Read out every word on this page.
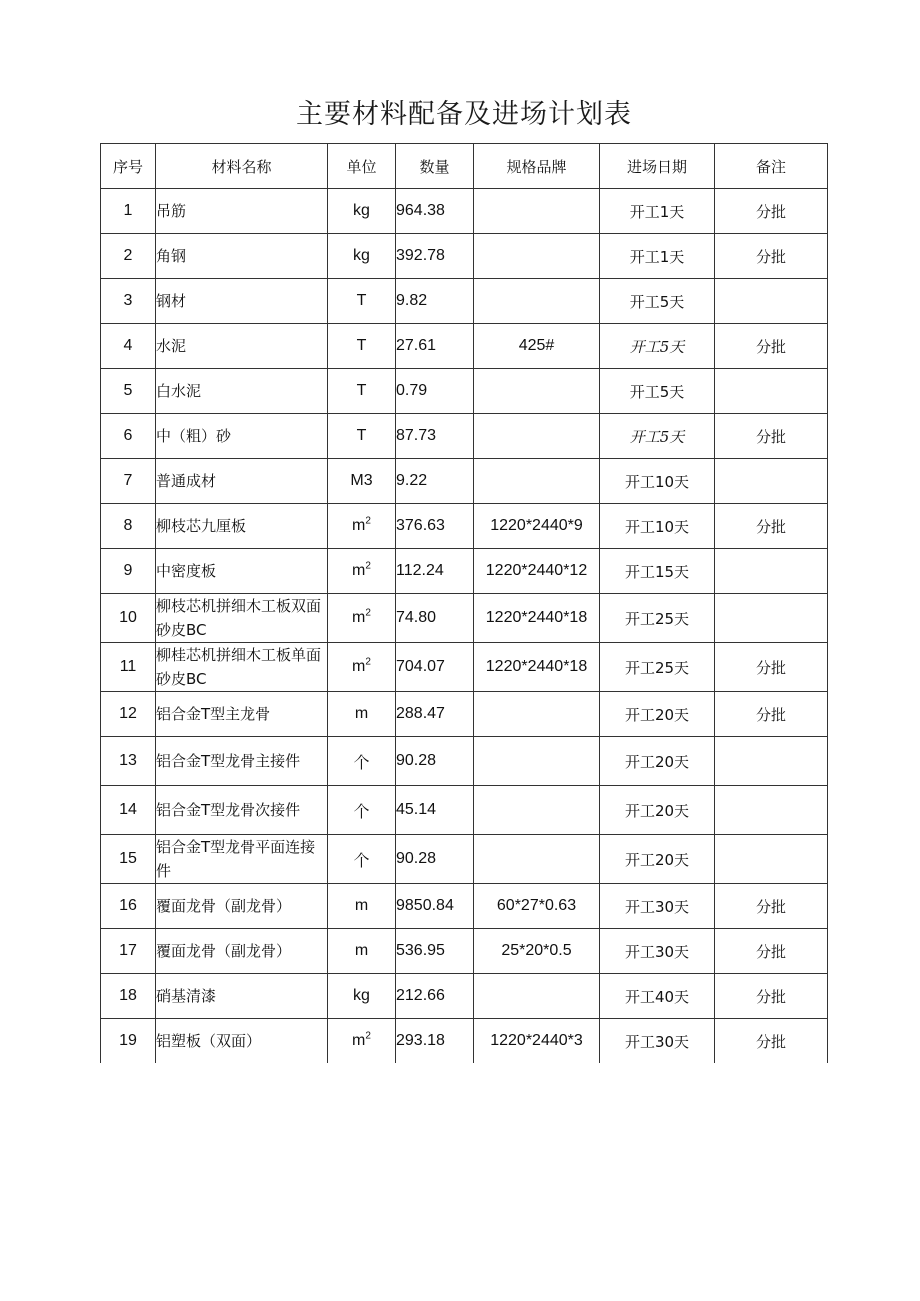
主要材料配备及进场计划表
序号	材料名称	单位	数量	规格品牌	进场日期	备注
1	吊筋	kg	964.38		开工1天	分批
2	角钢	kg	392.78		开工1天	分批
3	钢材	T	9.82		开工5天	
4	水泥	T	27.61	425#	开工5天	分批
5	白水泥	T	0.79		开工5天	
6	中（粗）砂	T	87.73		开工5天	分批
7	普通成材	M3	9.22		开工10天	
8	柳枝芯九厘板	$m^2$	376.63	1220*2440*9	开工10天	分批
9	中密度板	$m^2$	112.24	1220*2440*12	开工15天	
10	柳枝芯机拼细木工板双面砂皮BC	$m^2$	74.80	1220*2440*18	开工25天	
11	柳桂芯机拼细木工板单面砂皮BC	$m^2$	704.07	1220*2440*18	开工25天	分批
12	铝合金T型主龙骨	m	288.47		开工20天	分批
13	铝合金T型龙骨主接件	个	90.28		开工20天	
14	铝合金T型龙骨次接件	个	45.14		开工20天	
15	铝合金T型龙骨平面连接件	个	90.28		开工20天	
16	覆面龙骨（副龙骨）	m	9850.84	60*27*0.63	开工30天	分批
17	覆面龙骨（副龙骨）	m	536.95	25*20*0.5	开工30天	分批
18	硝基清漆	kg	212.66		开工40天	分批
19	铝塑板（双面）	$m^2$	293.18	1220*2440*3	开工30天	分批
